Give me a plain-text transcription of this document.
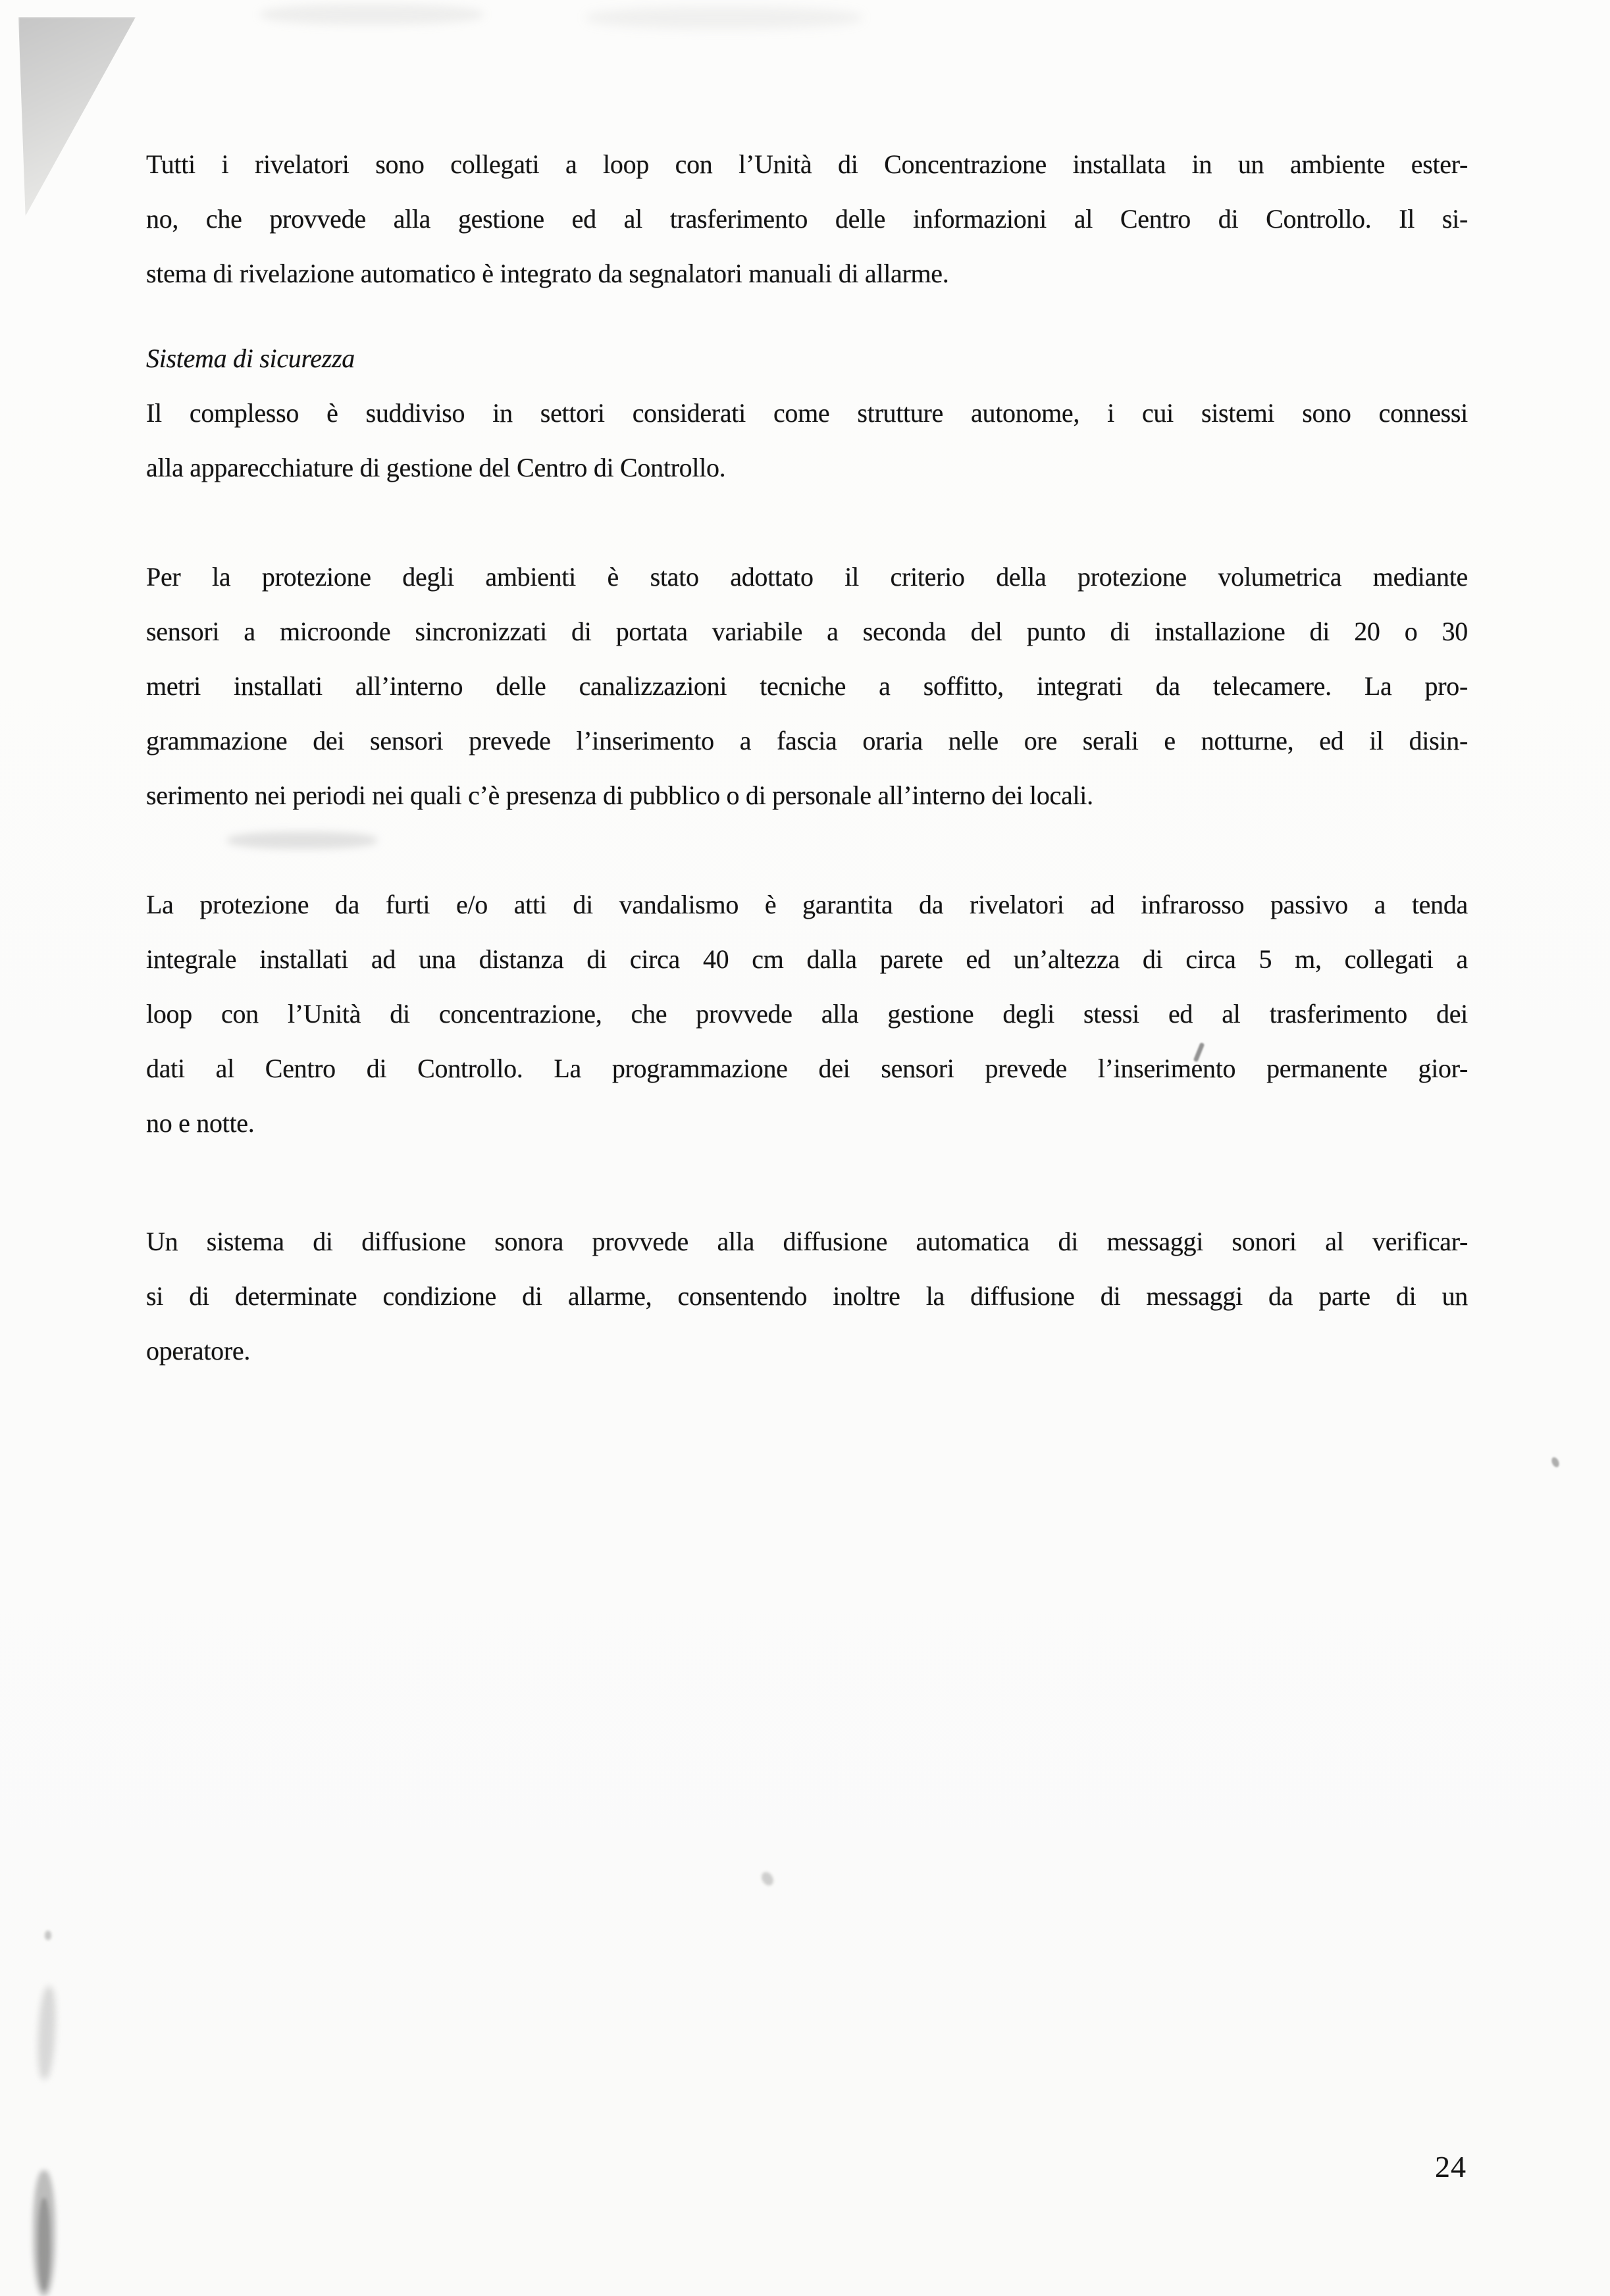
Tutti i rivelatori sono collegati a loop con l’Unità di Concentrazione installata in un ambiente ester-
no, che provvede alla gestione ed al trasferimento delle informazioni al Centro di Controllo. Il si-
stema di rivelazione automatico è integrato da segnalatori manuali di allarme.
Sistema di sicurezza
Il complesso è suddiviso in settori considerati come strutture autonome, i cui sistemi sono connessi
alla apparecchiature di gestione del Centro di Controllo.
Per la protezione degli ambienti è stato adottato il criterio della protezione volumetrica mediante
sensori a microonde sincronizzati di portata variabile a seconda del punto di installazione di 20 o 30
metri installati all’interno delle canalizzazioni tecniche a soffitto, integrati da telecamere. La pro-
grammazione dei sensori prevede l’inserimento a fascia oraria nelle ore serali e notturne, ed il disin-
serimento nei periodi nei quali c’è presenza di pubblico o di personale all’interno dei locali.
La protezione da furti e/o atti di vandalismo è garantita da rivelatori ad infrarosso passivo a tenda
integrale installati ad una distanza di circa 40 cm dalla parete ed un’altezza di circa 5 m, collegati a
loop con l’Unità di concentrazione, che provvede alla gestione degli stessi ed al trasferimento dei
dati al Centro di Controllo. La programmazione dei sensori prevede l’inserimento permanente gior-
no e notte.
Un sistema di diffusione sonora provvede alla diffusione automatica di messaggi sonori al verificar-
si di determinate condizione di allarme, consentendo inoltre la diffusione di messaggi da parte di un
operatore.
24
